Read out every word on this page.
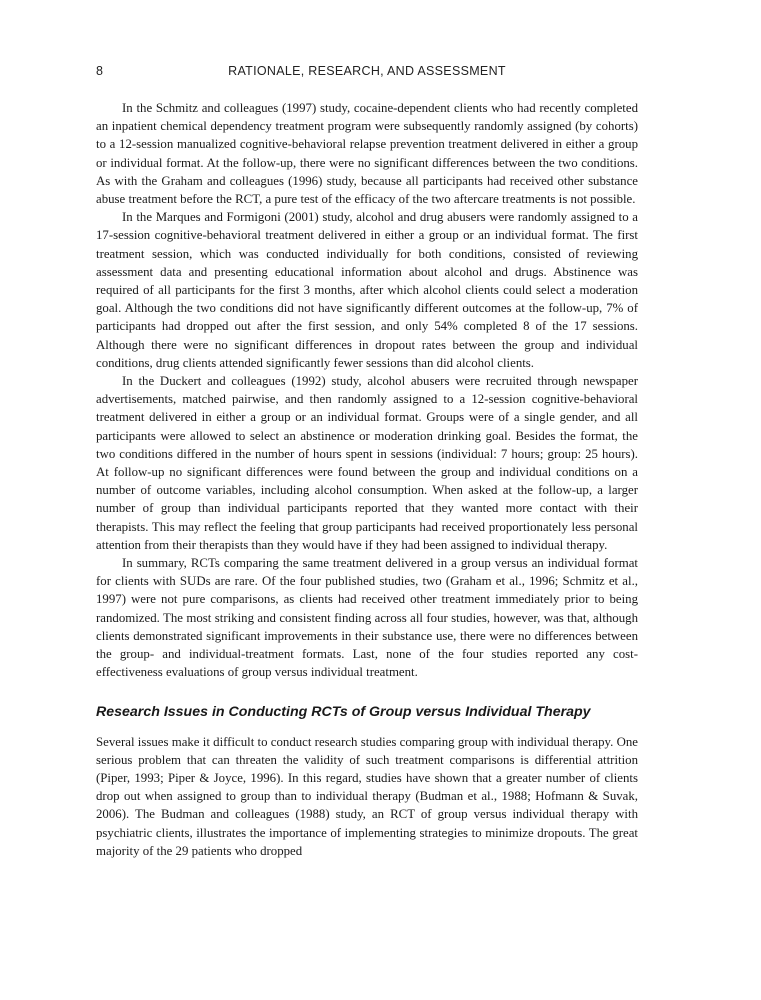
8	RATIONALE, RESEARCH, AND ASSESSMENT

In the Schmitz and colleagues (1997) study, cocaine-dependent clients who had recently completed an inpatient chemical dependency treatment program were subsequently randomly assigned (by cohorts) to a 12-session manualized cognitive-behavioral relapse prevention treatment delivered in either a group or individual format. At the follow-up, there were no significant differences between the two conditions. As with the Graham and colleagues (1996) study, because all participants had received other substance abuse treatment before the RCT, a pure test of the efficacy of the two aftercare treatments is not possible.

In the Marques and Formigoni (2001) study, alcohol and drug abusers were randomly assigned to a 17-session cognitive-behavioral treatment delivered in either a group or an individual format. The first treatment session, which was conducted individually for both conditions, consisted of reviewing assessment data and presenting educational information about alcohol and drugs. Abstinence was required of all participants for the first 3 months, after which alcohol clients could select a moderation goal. Although the two conditions did not have significantly different outcomes at the follow-up, 7% of participants had dropped out after the first session, and only 54% completed 8 of the 17 sessions. Although there were no significant differences in dropout rates between the group and individual conditions, drug clients attended significantly fewer sessions than did alcohol clients.

In the Duckert and colleagues (1992) study, alcohol abusers were recruited through newspaper advertisements, matched pairwise, and then randomly assigned to a 12-session cognitive-behavioral treatment delivered in either a group or an individual format. Groups were of a single gender, and all participants were allowed to select an abstinence or moderation drinking goal. Besides the format, the two conditions differed in the number of hours spent in sessions (individual: 7 hours; group: 25 hours). At follow-up no significant differences were found between the group and individual conditions on a number of outcome variables, including alcohol consumption. When asked at the follow-up, a larger number of group than individual participants reported that they wanted more contact with their therapists. This may reflect the feeling that group participants had received proportionately less personal attention from their therapists than they would have if they had been assigned to individual therapy.

In summary, RCTs comparing the same treatment delivered in a group versus an individual format for clients with SUDs are rare. Of the four published studies, two (Graham et al., 1996; Schmitz et al., 1997) were not pure comparisons, as clients had received other treatment immediately prior to being randomized. The most striking and consistent finding across all four studies, however, was that, although clients demonstrated significant improvements in their substance use, there were no differences between the group- and individual-treatment formats. Last, none of the four studies reported any cost-effectiveness evaluations of group versus individual treatment.

Research Issues in Conducting RCTs of Group versus Individual Therapy

Several issues make it difficult to conduct research studies comparing group with individual therapy. One serious problem that can threaten the validity of such treatment comparisons is differential attrition (Piper, 1993; Piper & Joyce, 1996). In this regard, studies have shown that a greater number of clients drop out when assigned to group than to individual therapy (Budman et al., 1988; Hofmann & Suvak, 2006). The Budman and colleagues (1988) study, an RCT of group versus individual therapy with psychiatric clients, illustrates the importance of implementing strategies to minimize dropouts. The great majority of the 29 patients who dropped
